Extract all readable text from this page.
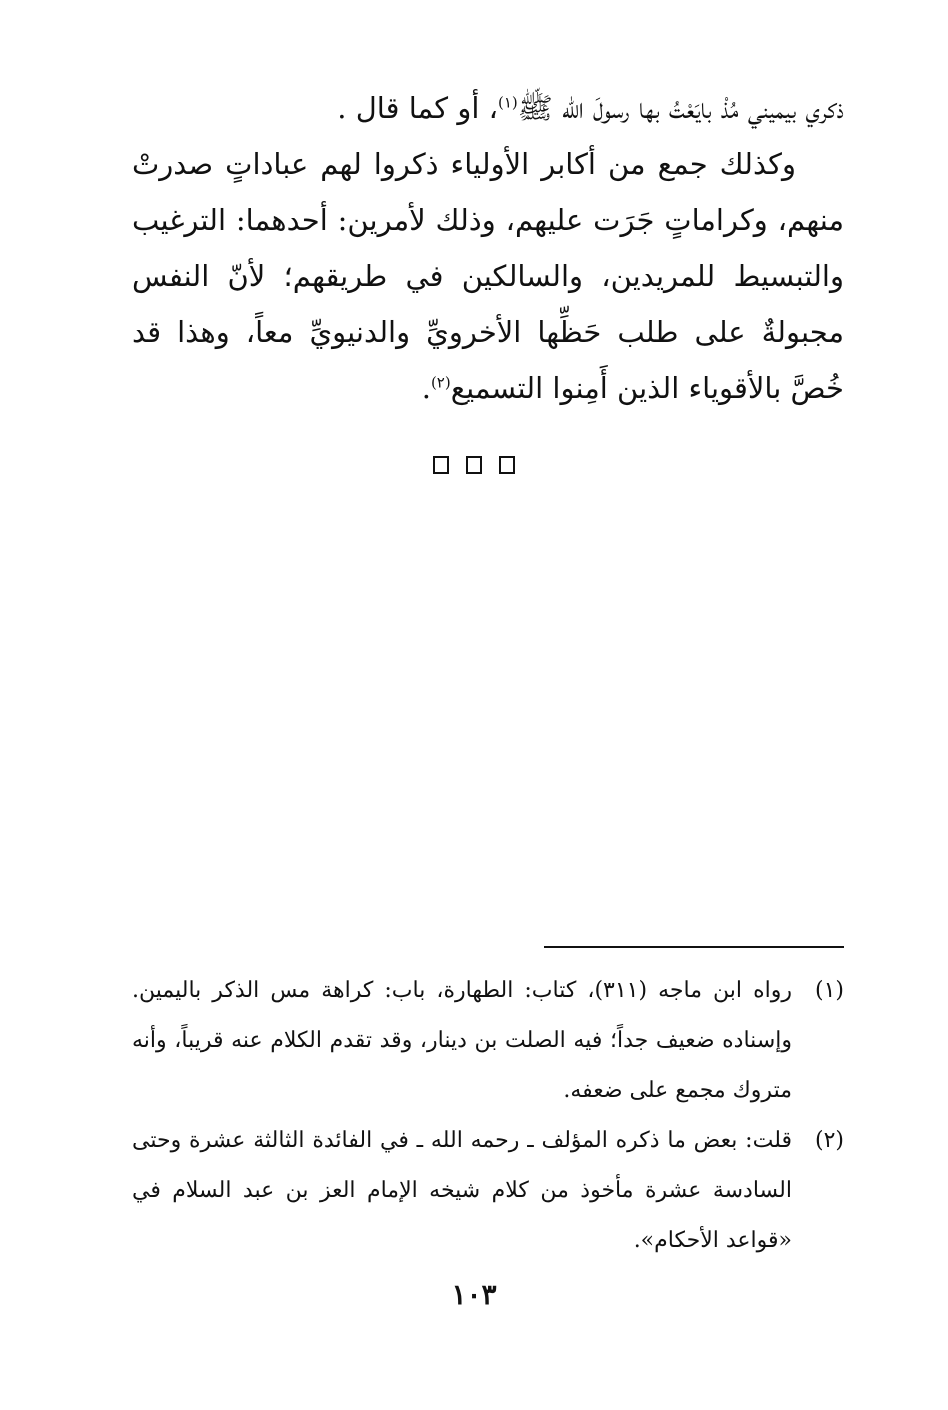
ذكري بيميني مُذْ بايَعْتُ بها رسولَ الله ﷺ$^{(١)}$، أو كما قال .

وكذلك جمع من أكابر الأولياء ذكروا لهم عباداتٍ صدرتْ منهم، وكراماتٍ جَرَت عليهم، وذلك لأمرين: أحدهما: الترغيب والتبسيط للمريدين، والسالكين في طريقهم؛ لأنّ النفس مجبولةٌ على طلب حَظِّها الأخرويِّ والدنيويِّ معاً، وهذا قد خُصَّ بالأقوياء الذين أَمِنوا التسميع$^{(٢)}$.

(١)
رواه ابن ماجه (٣١١)، كتاب: الطهارة، باب: كراهة مس الذكر باليمين. وإسناده ضعيف جداً؛ فيه الصلت بن دينار، وقد تقدم الكلام عنه قريباً، وأنه متروك مجمع على ضعفه.
(٢)
قلت: بعض ما ذكره المؤلف ـ رحمه الله ـ في الفائدة الثالثة عشرة وحتى السادسة عشرة مأخوذ من كلام شيخه الإمام العز بن عبد السلام في «قواعد الأحكام».
١٠٣
